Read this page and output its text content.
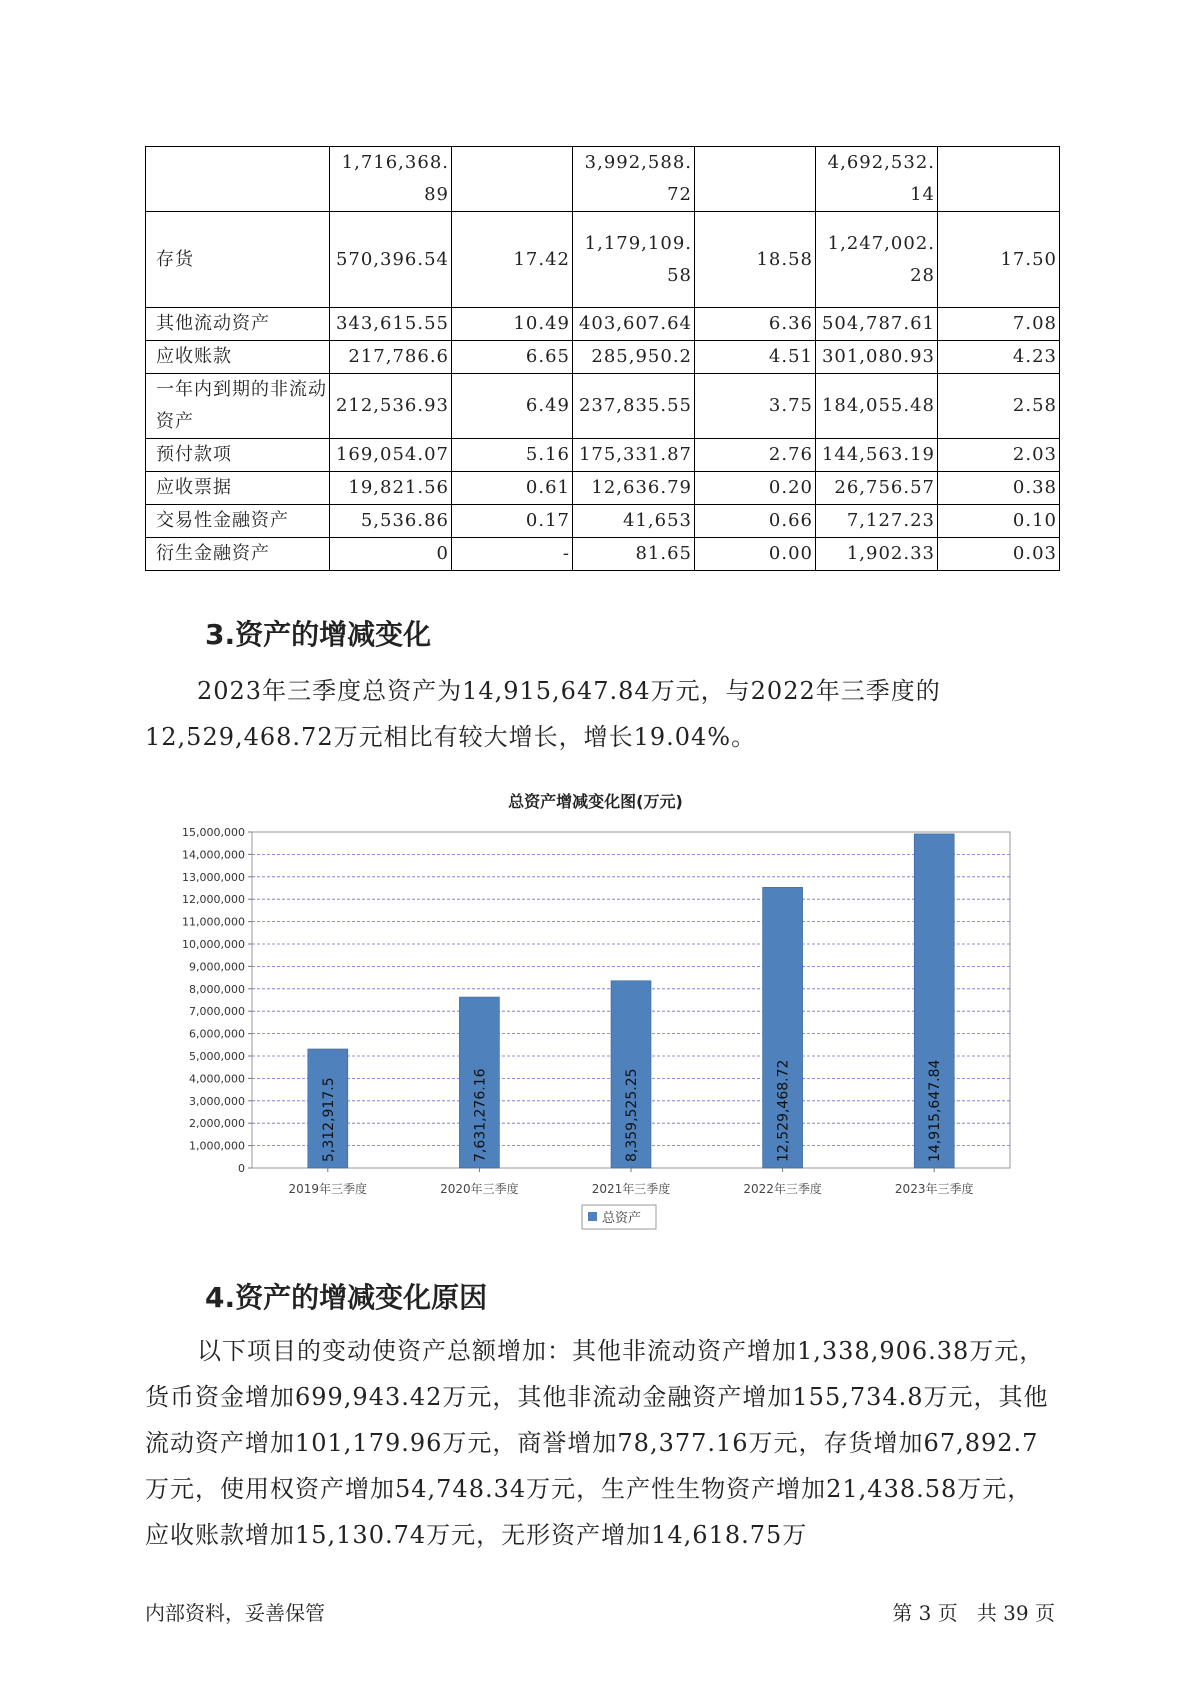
	1,716,368.89		3,992,588.72		4,692,532.14	
存货	570,396.54	17.42	1,179,109.58	18.58	1,247,002.28	17.50
其他流动资产	343,615.55	10.49	403,607.64	6.36	504,787.61	7.08
应收账款	217,786.6	6.65	285,950.2	4.51	301,080.93	4.23
一年内到期的非流动资产	212,536.93	6.49	237,835.55	3.75	184,055.48	2.58
预付款项	169,054.07	5.16	175,331.87	2.76	144,563.19	2.03
应收票据	19,821.56	0.61	12,636.79	0.20	26,756.57	0.38
交易性金融资产	5,536.86	0.17	41,653	0.66	7,127.23	0.10
衍生金融资产	0	-	81.65	0.00	1,902.33	0.03
3.资产的增减变化

2023年三季度总资产为14,915,647.84万元，与2022年三季度的12,529,468.72万元相比有较大增长，增长19.04%。

总资产增减变化图(万元)
0
1,000,000
2,000,000
3,000,000
4,000,000
5,000,000
6,000,000
7,000,000
8,000,000
9,000,000
10,000,000
11,000,000
12,000,000
13,000,000
14,000,000
15,000,000
5,312,917.5
2019年三季度
7,631,276.16
2020年三季度
8,359,525.25
2021年三季度
12,529,468.72
2022年三季度
14,915,647.84
2023年三季度
总资产
4.资产的增减变化原因

以下项目的变动使资产总额增加：其他非流动资产增加1,338,906.38万元，货币资金增加699,943.42万元，其他非流动金融资产增加155,734.8万元，其他流动资产增加101,179.96万元，商誉增加78,377.16万元，存货增加67,892.7万元，使用权资产增加54,748.34万元，生产性生物资产增加21,438.58万元，应收账款增加15,130.74万元，无形资产增加14,618.75万

内部资料，妥善保管	第 3 页   共 39 页
